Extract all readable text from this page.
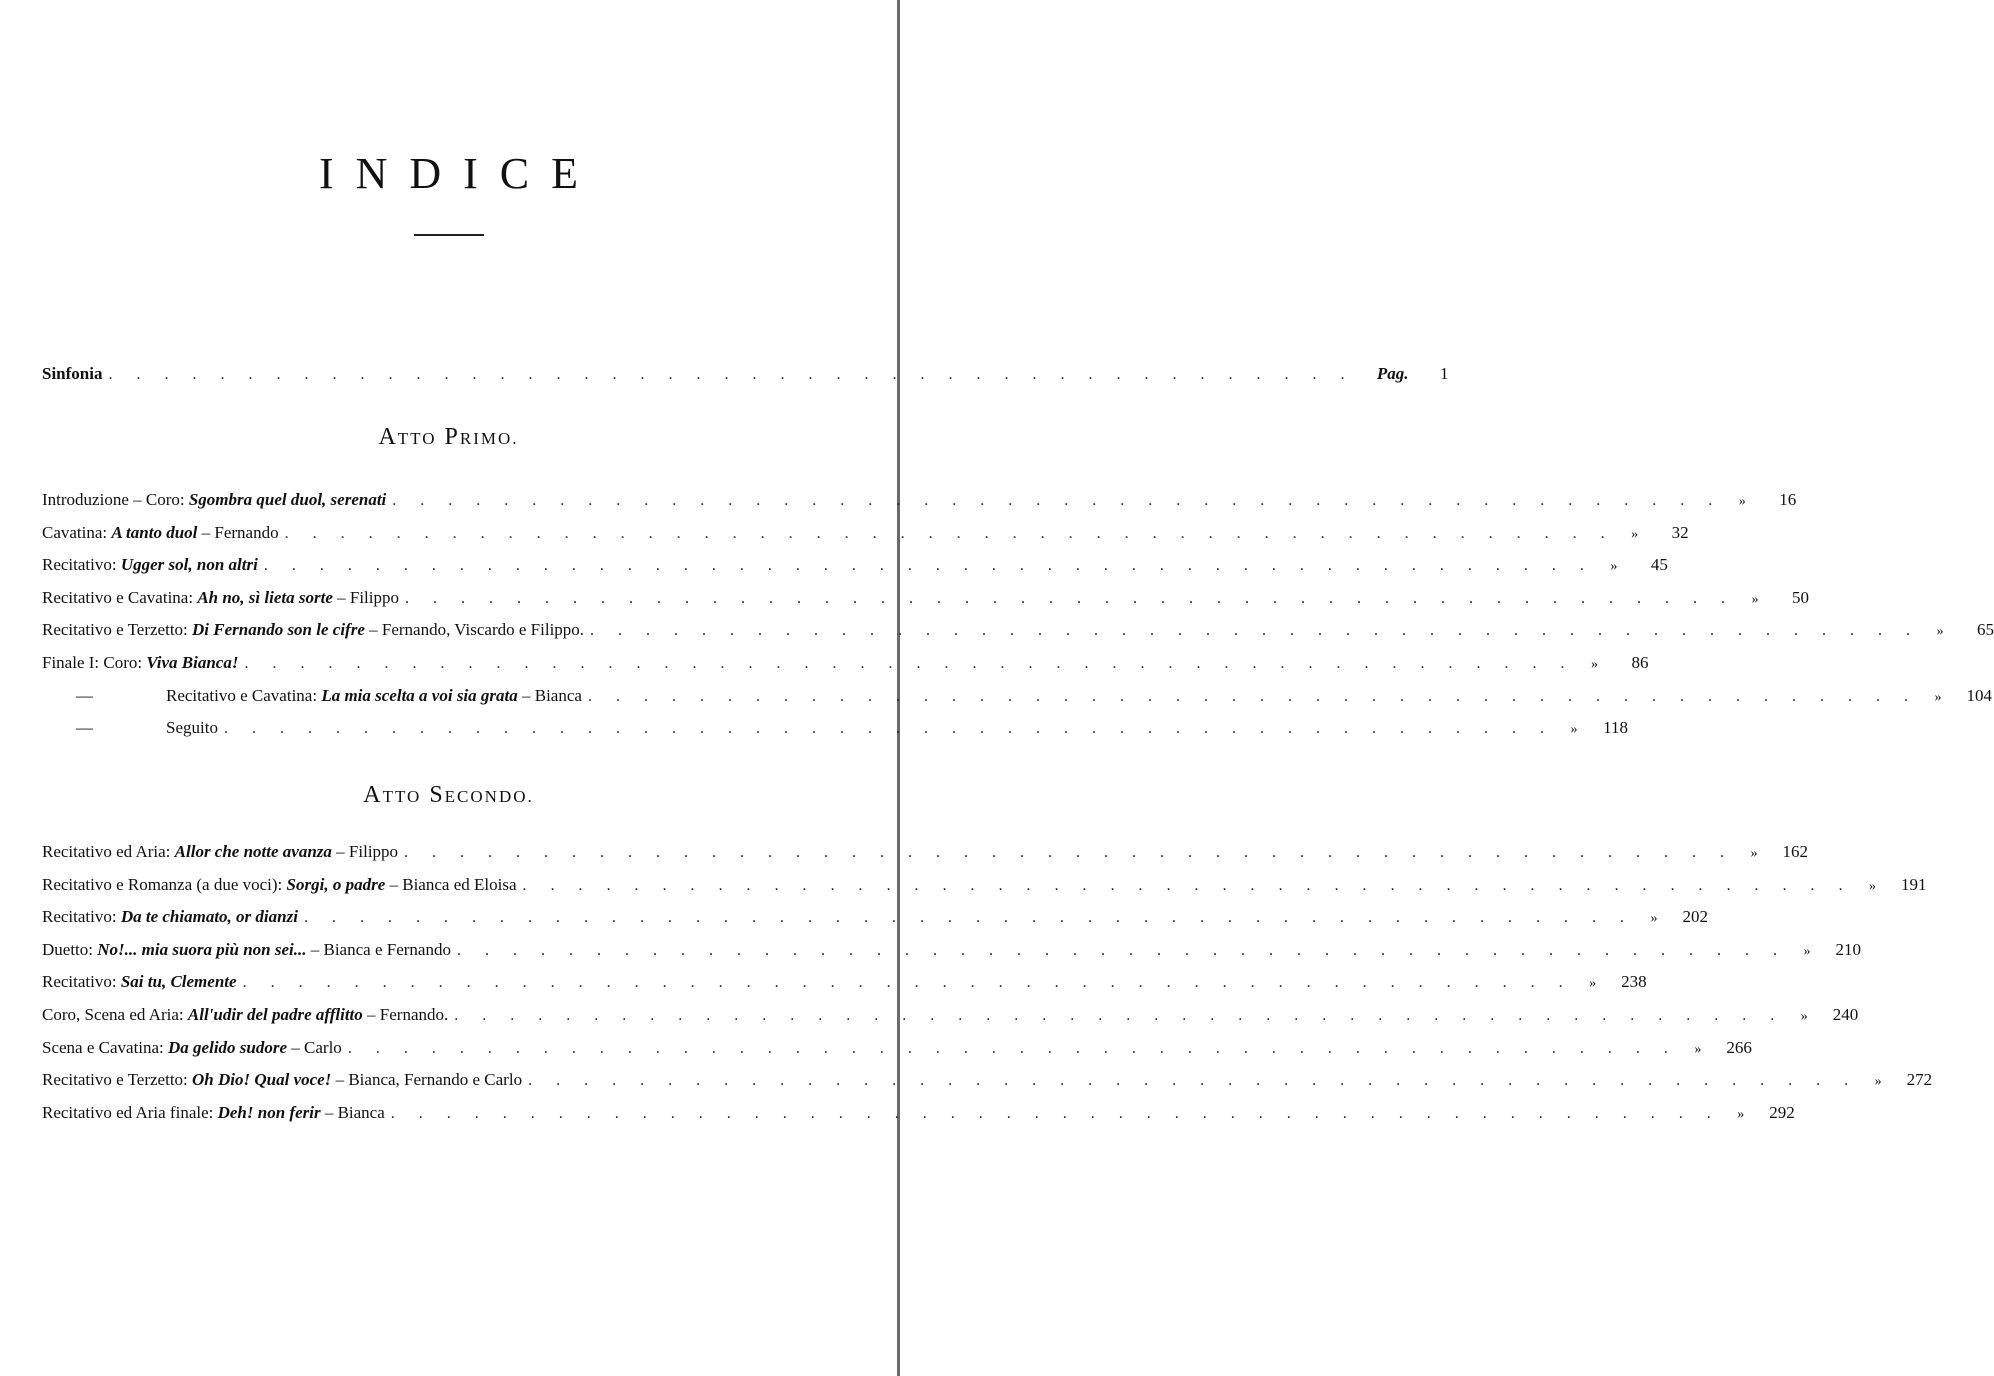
INDICE
Sinfonia . . . . . . . . . . . . . . . . . . . . . . . . . . . . . . . . . . . . . . . . . . . . .	Pag.	1
ATTO PRIMO.
Introduzione – Coro: Sgombra quel duol, serenati . . . . . . . . . . . . . . . . . . . . . . . . . . . . . . . . . . . . . . . . . . . . . . . .	»	16
Cavatina: A tanto duol – Fernando . . . . . . . . . . . . . . . . . . . . . . . . . . . . . . . . . . . . . . . . . . . . . . . .	»	32
Recitativo: Ugger sol, non altri . . . . . . . . . . . . . . . . . . . . . . . . . . . . . . . . . . . . . . . . . . . . . . . .	»	45
Recitativo e Cavatina: Ah no, sì lieta sorte – Filippo . . . . . . . . . . . . . . . . . . . . . . . . . . . . . . . . . . . . . . . . . . . . . . . .	»	50
Recitativo e Terzetto: Di Fernando son le cifre – Fernando, Viscardo e Filippo. . . . . . . . . . . . . . . . . . . . . . . . . . . . . . . . . . . . . . . . . . . . . . . . .	»	65
Finale I: Coro: Viva Bianca! . . . . . . . . . . . . . . . . . . . . . . . . . . . . . . . . . . . . . . . . . . . . . . . .	»	86
—	Recitativo e Cavatina: La mia scelta a voi sia grata – Bianca . . . . . . . . . . . . . . . . . . . . . . . . . . . . . . . . . . . . . . . . . . . . . . . .	»	104
—	Seguito . . . . . . . . . . . . . . . . . . . . . . . . . . . . . . . . . . . . . . . . . . . . . . . .	»	118
ATTO SECONDO.
Recitativo ed Aria: Allor che notte avanza – Filippo . . . . . . . . . . . . . . . . . . . . . . . . . . . . . . . . . . . . . . . . . . . . . . . .	»	162
Recitativo e Romanza (a due voci): Sorgi, o padre – Bianca ed Eloisa . . . . . . . . . . . . . . . . . . . . . . . . . . . . . . . . . . . . . . . . . . . . . . . .	»	191
Recitativo: Da te chiamato, or dianzi . . . . . . . . . . . . . . . . . . . . . . . . . . . . . . . . . . . . . . . . . . . . . . . .	»	202
Duetto: No!... mia suora più non sei... – Bianca e Fernando . . . . . . . . . . . . . . . . . . . . . . . . . . . . . . . . . . . . . . . . . . . . . . . .	»	210
Recitativo: Sai tu, Clemente . . . . . . . . . . . . . . . . . . . . . . . . . . . . . . . . . . . . . . . . . . . . . . . .	»	238
Coro, Scena ed Aria: All'udir del padre afflitto – Fernando. . . . . . . . . . . . . . . . . . . . . . . . . . . . . . . . . . . . . . . . . . . . . . . . .	»	240
Scena e Cavatina: Da gelido sudore – Carlo . . . . . . . . . . . . . . . . . . . . . . . . . . . . . . . . . . . . . . . . . . . . . . . .	»	266
Recitativo e Terzetto: Oh Dio! Qual voce! – Bianca, Fernando e Carlo . . . . . . . . . . . . . . . . . . . . . . . . . . . . . . . . . . . . . . . . . . . . . . . .	»	272
Recitativo ed Aria finale: Deh! non ferir – Bianca . . . . . . . . . . . . . . . . . . . . . . . . . . . . . . . . . . . . . . . . . . . . . . . .	»	292
